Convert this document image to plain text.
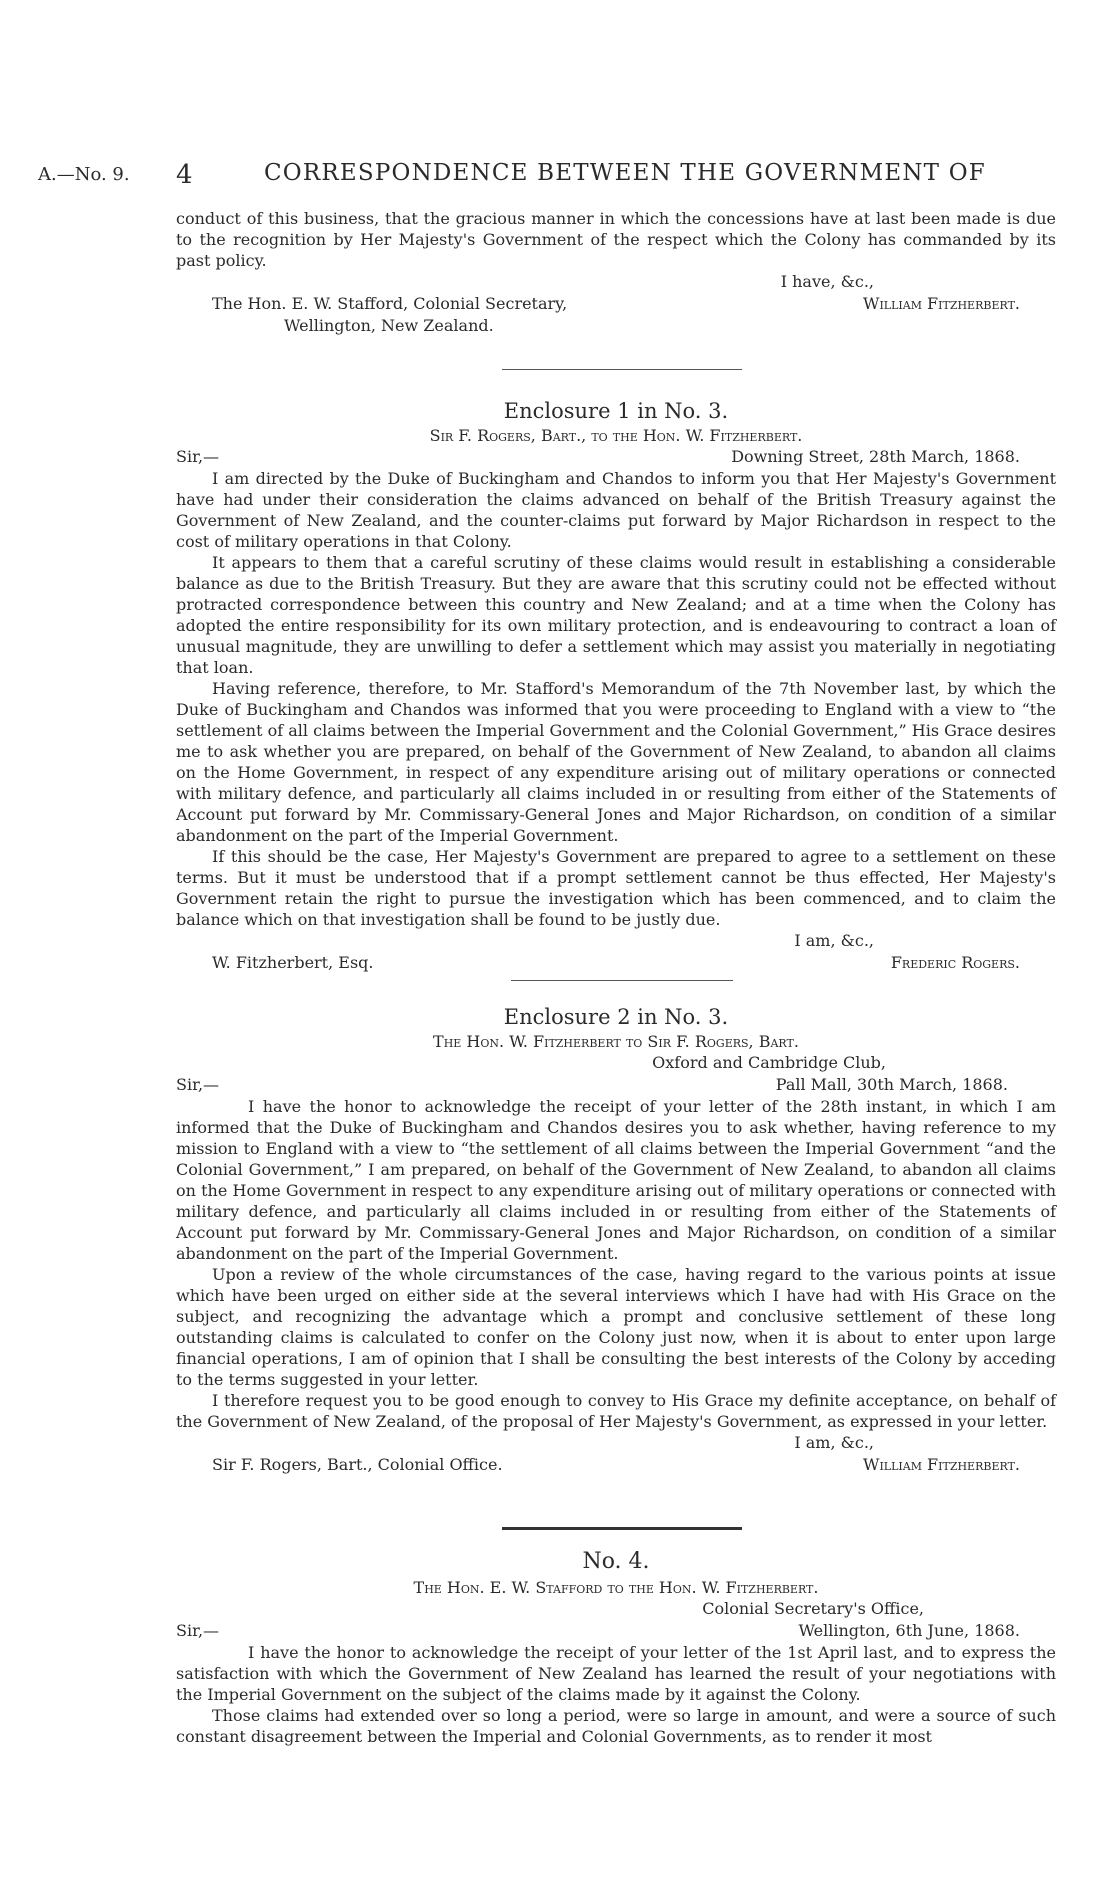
A.—No. 9. 4	CORRESPONDENCE BETWEEN THE GOVERNMENT OF

conduct of this business, that the gracious manner in which the concessions have at last been made is due to the recognition by Her Majesty's Government of the respect which the Colony has commanded by its past policy.

I have, &c.,
The Hon. E. W. Stafford, Colonial Secretary,	William Fitzherbert.
Wellington, New Zealand.
Enclosure 1 in No. 3.
Sir F. Rogers, Bart., to the Hon. W. Fitzherbert.
Sir,—	Downing Street, 28th March, 1868.

I am directed by the Duke of Buckingham and Chandos to inform you that Her Majesty's Government have had under their consideration the claims advanced on behalf of the British Treasury against the Government of New Zealand, and the counter-claims put forward by Major Richardson in respect to the cost of military operations in that Colony.

It appears to them that a careful scrutiny of these claims would result in establishing a considerable balance as due to the British Treasury. But they are aware that this scrutiny could not be effected without protracted correspondence between this country and New Zealand; and at a time when the Colony has adopted the entire responsibility for its own military protection, and is endeavouring to contract a loan of unusual magnitude, they are unwilling to defer a settlement which may assist you materially in negotiating that loan.

Having reference, therefore, to Mr. Stafford's Memorandum of the 7th November last, by which the Duke of Buckingham and Chandos was informed that you were proceeding to England with a view to “the settlement of all claims between the Imperial Government and the Colonial Government,” His Grace desires me to ask whether you are prepared, on behalf of the Government of New Zealand, to abandon all claims on the Home Government, in respect of any expenditure arising out of military operations or connected with military defence, and particularly all claims included in or resulting from either of the Statements of Account put forward by Mr. Commissary-General Jones and Major Richardson, on condition of a similar abandonment on the part of the Imperial Government.

If this should be the case, Her Majesty's Government are prepared to agree to a settlement on these terms. But it must be understood that if a prompt settlement cannot be thus effected, Her Majesty's Government retain the right to pursue the investigation which has been commenced, and to claim the balance which on that investigation shall be found to be justly due.

I am, &c.,
W. Fitzherbert, Esq.	Frederic Rogers.
Enclosure 2 in No. 3.
The Hon. W. Fitzherbert to Sir F. Rogers, Bart.
Oxford and Cambridge Club,
Sir,—	Pall Mall, 30th March, 1868.

I have the honor to acknowledge the receipt of your letter of the 28th instant, in which I am informed that the Duke of Buckingham and Chandos desires you to ask whether, having reference to my mission to England with a view to “the settlement of all claims between the Imperial Government “and the Colonial Government,” I am prepared, on behalf of the Government of New Zealand, to abandon all claims on the Home Government in respect to any expenditure arising out of military operations or connected with military defence, and particularly all claims included in or resulting from either of the Statements of Account put forward by Mr. Commissary-General Jones and Major Richardson, on condition of a similar abandonment on the part of the Imperial Government.

Upon a review of the whole circumstances of the case, having regard to the various points at issue which have been urged on either side at the several interviews which I have had with His Grace on the subject, and recognizing the advantage which a prompt and conclusive settlement of these long outstanding claims is calculated to confer on the Colony just now, when it is about to enter upon large financial operations, I am of opinion that I shall be consulting the best interests of the Colony by acceding to the terms suggested in your letter.

I therefore request you to be good enough to convey to His Grace my definite acceptance, on behalf of the Government of New Zealand, of the proposal of Her Majesty's Government, as expressed in your letter.

I am, &c.,
Sir F. Rogers, Bart., Colonial Office.	William Fitzherbert.
No. 4.
The Hon. E. W. Stafford to the Hon. W. Fitzherbert.
Colonial Secretary's Office,
Sir,—	Wellington, 6th June, 1868.

I have the honor to acknowledge the receipt of your letter of the 1st April last, and to express the satisfaction with which the Government of New Zealand has learned the result of your negotiations with the Imperial Government on the subject of the claims made by it against the Colony.

Those claims had extended over so long a period, were so large in amount, and were a source of such constant disagreement between the Imperial and Colonial Governments, as to render it most
